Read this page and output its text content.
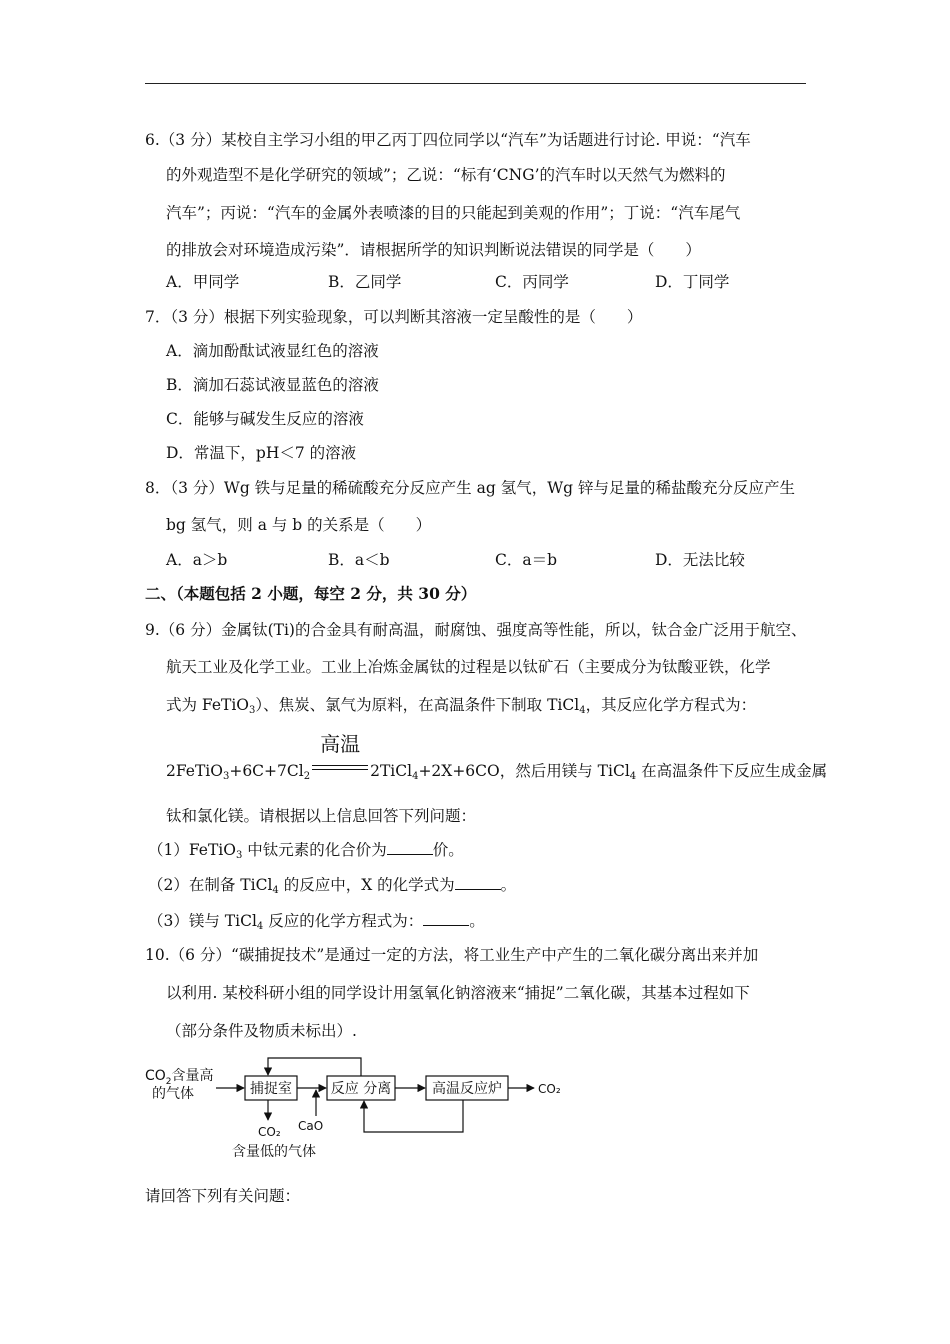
6.（3 分）某校自主学习小组的甲乙丙丁四位同学以“汽车”为话题进行讨论. 甲说：“汽车
的外观造型不是化学研究的领域”；乙说：“标有‘CNG’的汽车时以天然气为燃料的
汽车”；丙说：“汽车的金属外表喷漆的目的只能起到美观的作用”；丁说：“汽车尾气
的排放会对环境造成污染”．请根据所学的知识判断说法错误的同学是（　　）
A．甲同学	B．乙同学	C．丙同学	D．丁同学
7．（3 分）根据下列实验现象，可以判断其溶液一定呈酸性的是（　　）
A．滴加酚酞试液显红色的溶液
B．滴加石蕊试液显蓝色的溶液
C．能够与碱发生反应的溶液
D．常温下，pH＜7 的溶液
8．（3 分）Wg 铁与足量的稀硫酸充分反应产生 ag 氢气，Wg 锌与足量的稀盐酸充分反应产生
bg 氢气，则 a 与 b 的关系是（　　）
A．a＞b	B．a＜b	C．a＝b	D．无法比较
二、（本题包括 2 小题，每空 2 分，共 30 分）
9.（6 分）金属钛(Ti)的合金具有耐高温，耐腐蚀、强度高等性能，所以，钛合金广泛用于航空、
航天工业及化学工业。工业上冶炼金属钛的过程是以钛矿石（主要成分为钛酸亚铁，化学
式为 FeTiO$_3$）、焦炭、氯气为原料，在高温条件下制取 TiCl$_4$，其反应化学方程式为：
$2FeTiO_3+6C+7Cl_2$
高温
2TiCl$_4$+2X+6CO，然后用镁与 TiCl$_4$ 在高温条件下反应生成金属
钛和氯化镁。请根据以上信息回答下列问题：
（1）FeTiO$_3$ 中钛元素的化合价为	价。
（2）在制备 TiCl$_4$ 的反应中，X 的化学式为	。
（3）镁与 TiCl$_4$ 反应的化学方程式为：	。
10.（6 分）“碳捕捉技术”是通过一定的方法，将工业生产中产生的二氧化碳分离出来并加
以利用. 某校科研小组的同学设计用氢氧化钠溶液来“捕捉”二氧化碳，其基本过程如下
（部分条件及物质未标出）.
$CO_2$含量高
的气体	捕捉室	反应 分离	高温反应炉	CO₂
CO₂
含量低的气体
CaO
请回答下列有关问题：
